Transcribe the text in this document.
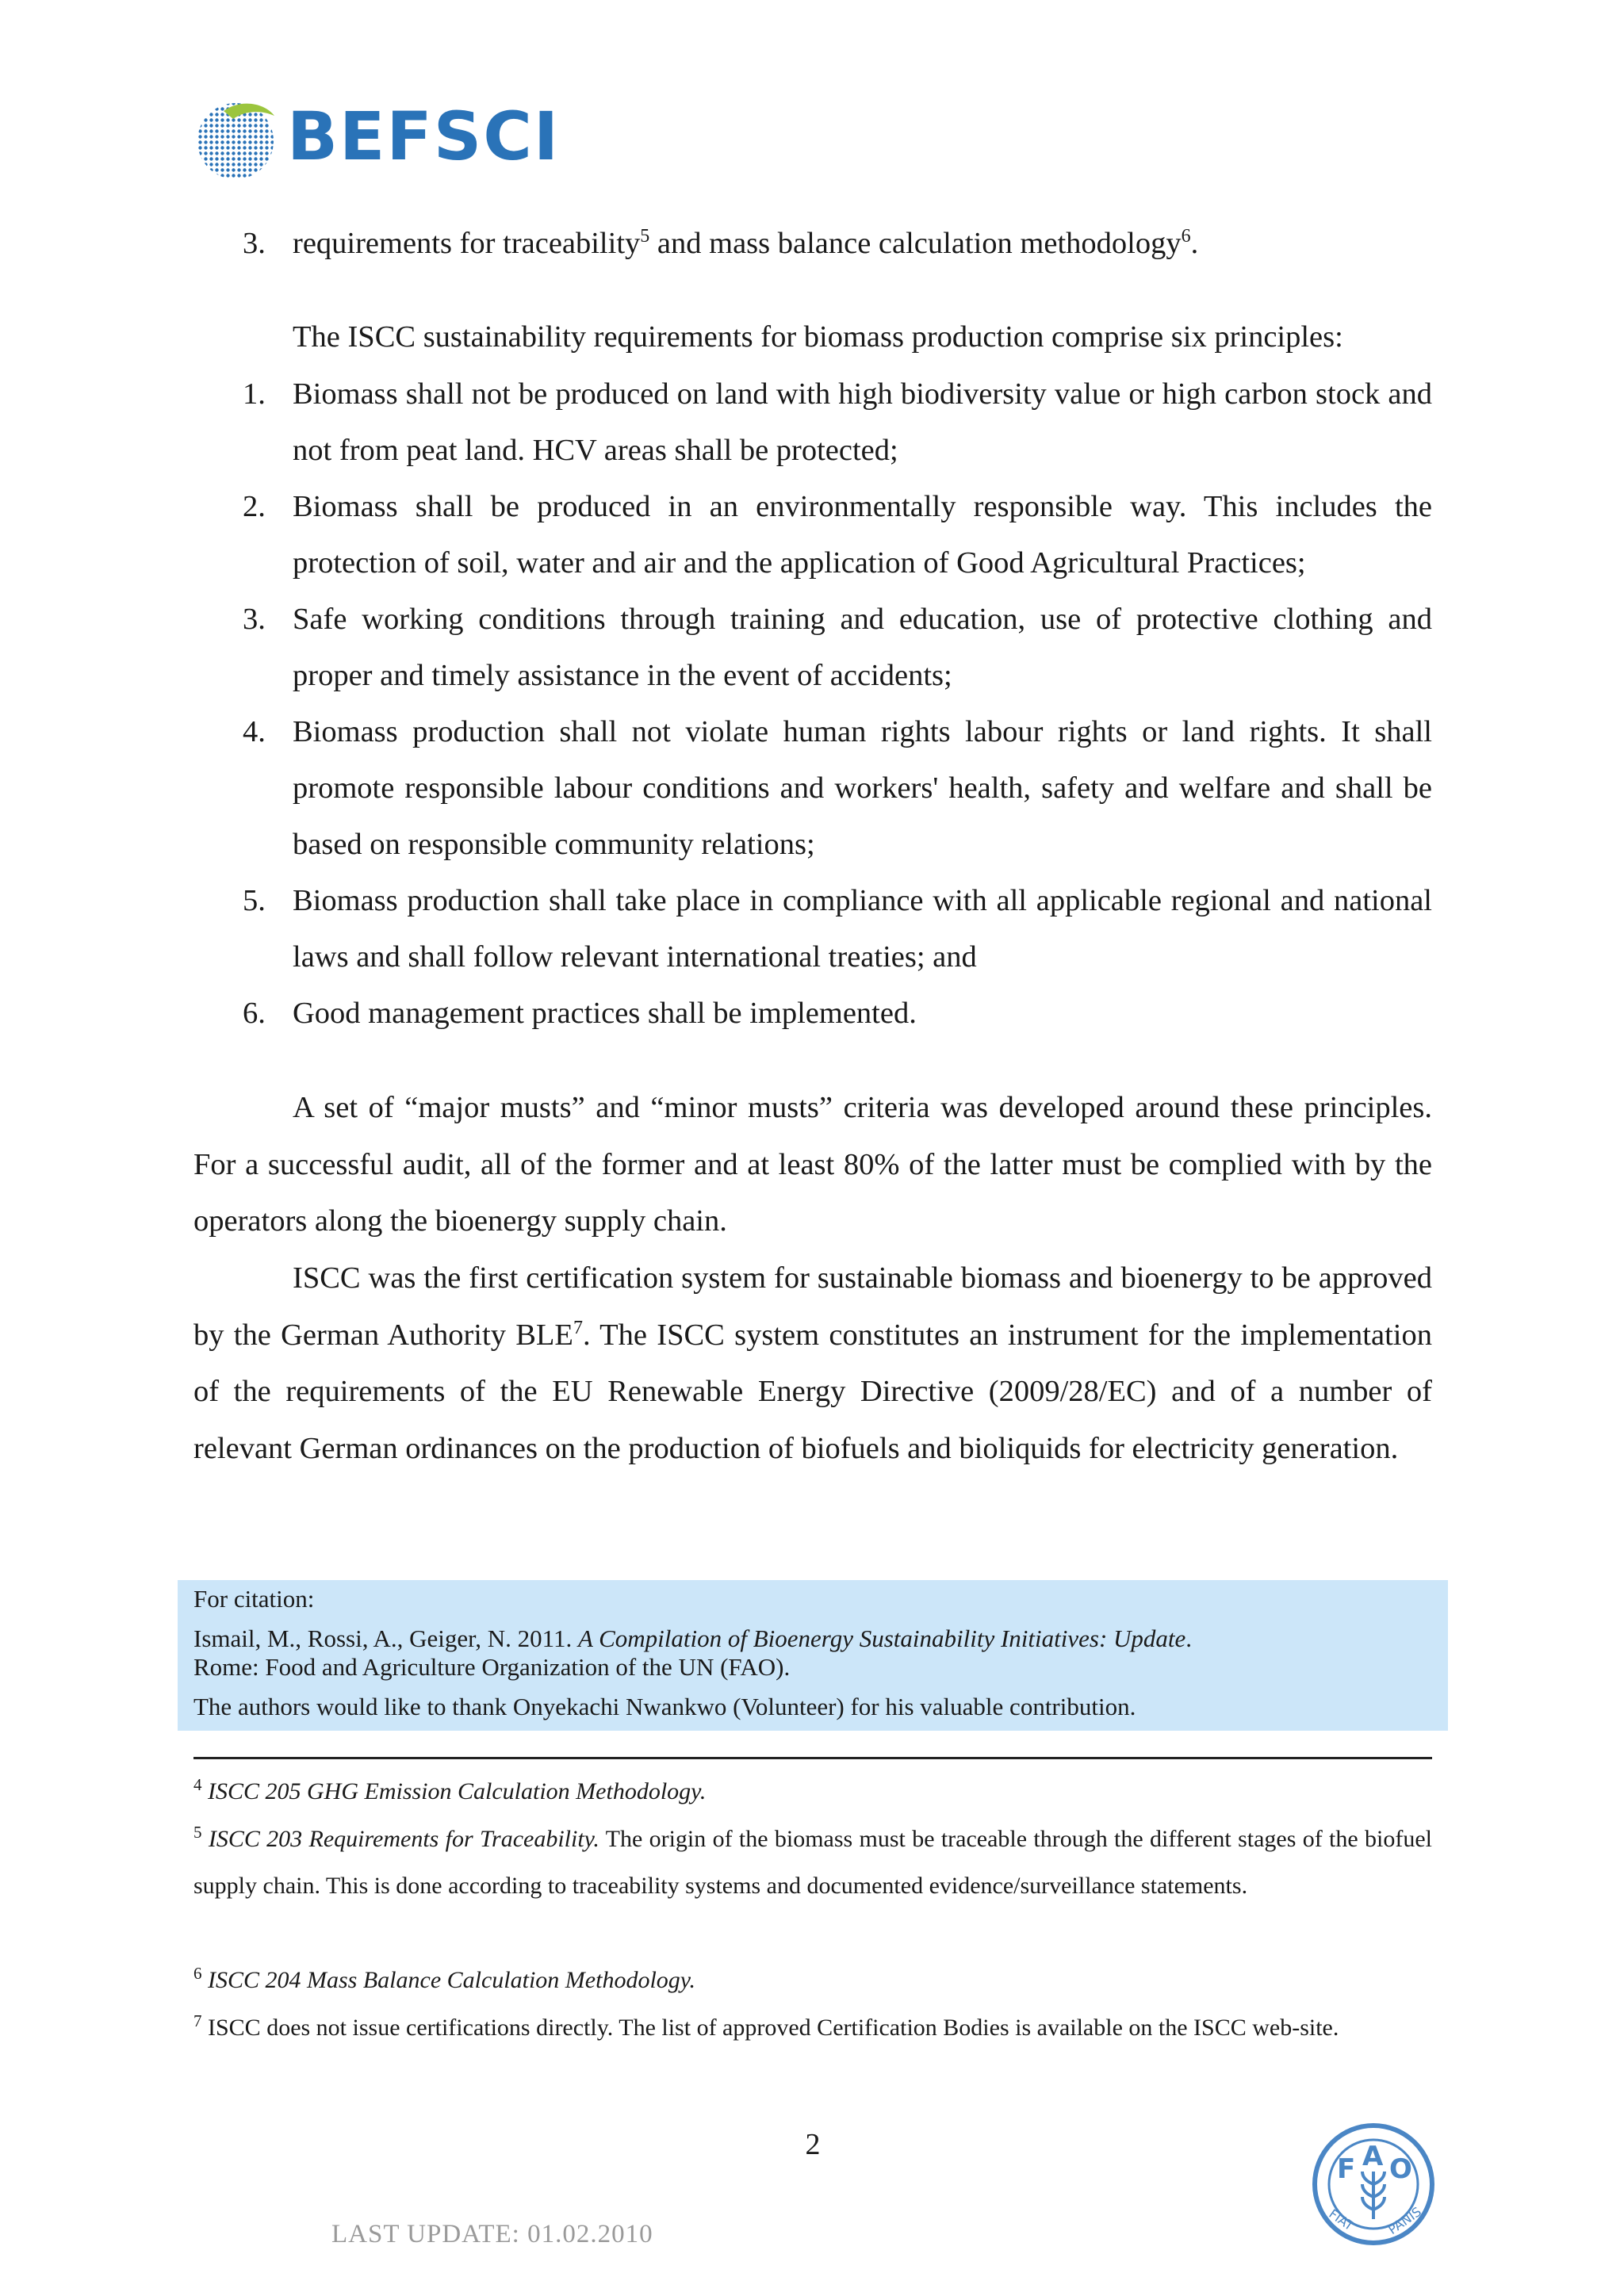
BEFSCI
3. requirements for traceability$^5$ and mass balance calculation methodology$^6$.
The ISCC sustainability requirements for biomass production comprise six principles:
1. Biomass shall not be produced on land with high biodiversity value or high carbon stock and not from peat land. HCV areas shall be protected;
2. Biomass shall be produced in an environmentally responsible way. This includes the protection of soil, water and air and the application of Good Agricultural Practices;
3. Safe working conditions through training and education, use of protective clothing and proper and timely assistance in the event of accidents;
4. Biomass production shall not violate human rights labour rights or land rights. It shall promote responsible labour conditions and workers' health, safety and welfare and shall be based on responsible community relations;
5. Biomass production shall take place in compliance with all applicable regional and national laws and shall follow relevant international treaties; and
6. Good management practices shall be implemented.
A set of “major musts” and “minor musts” criteria was developed around these principles. For a successful audit, all of the former and at least 80% of the latter must be complied with by the operators along the bioenergy supply chain.
ISCC was the first certification system for sustainable biomass and bioenergy to be approved by the German Authority BLE$^7$. The ISCC system constitutes an instrument for the implementation of the requirements of the EU Renewable Energy Directive (2009/28/EC) and of a number of relevant German ordinances on the production of biofuels and bioliquids for electricity generation.
For citation:
Ismail, M., Rossi, A., Geiger, N. 2011. A Compilation of Bioenergy Sustainability Initiatives: Update.
Rome: Food and Agriculture Organization of the UN (FAO).
The authors would like to thank Onyekachi Nwankwo (Volunteer) for his valuable contribution.
$^4$ ISCC 205 GHG Emission Calculation Methodology.
$^5$ ISCC 203 Requirements for Traceability. The origin of the biomass must be traceable through the different stages of the biofuel supply chain. This is done according to traceability systems and documented evidence/surveillance statements.
$^6$ ISCC 204 Mass Balance Calculation Methodology.
$^7$ ISCC does not issue certifications directly. The list of approved Certification Bodies is available on the ISCC web-site.
2
LAST UPDATE: 01.02.2010
F A O
FIAT PANIS
